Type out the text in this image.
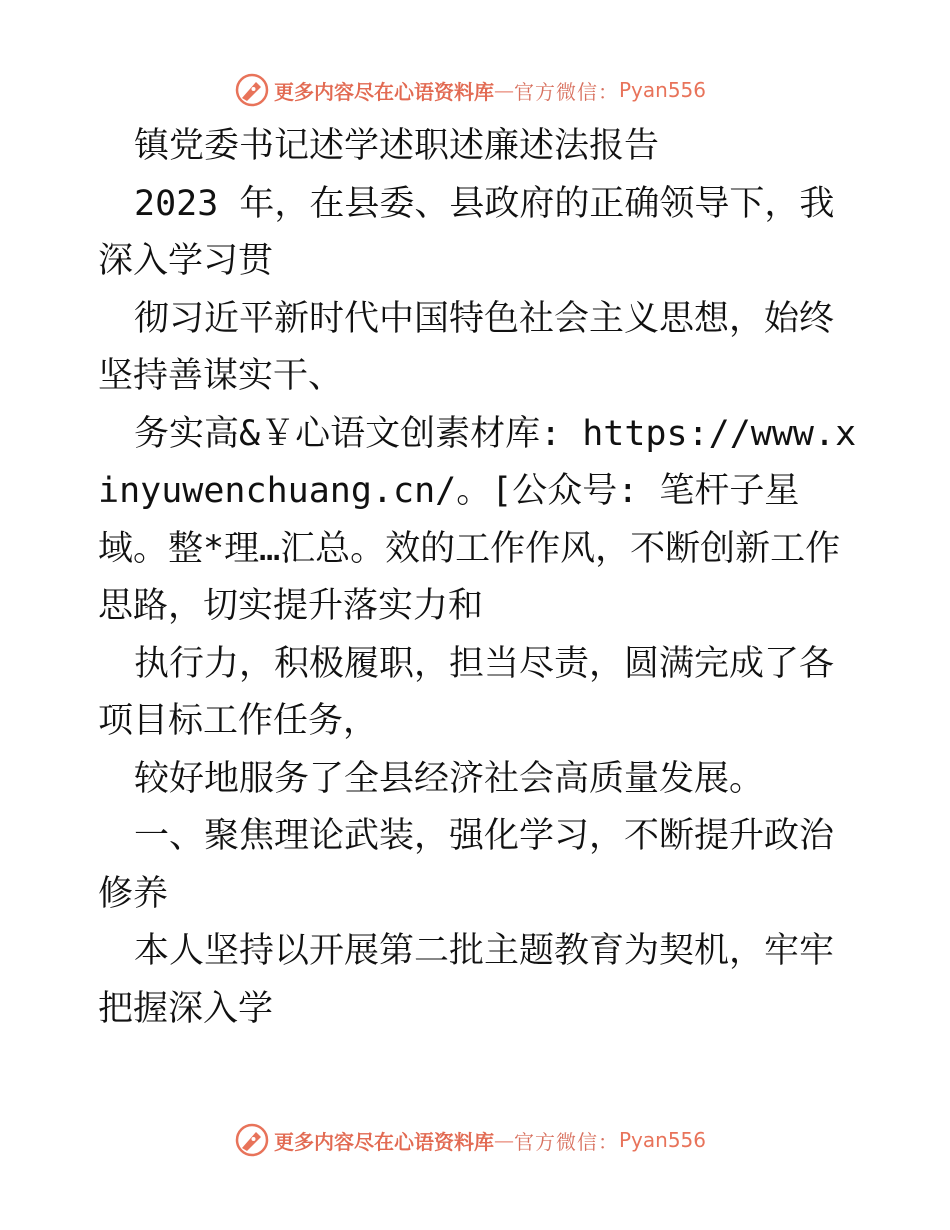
更多内容尽在心语资料库 — 官方微信： Pyan556

镇党委书记述学述职述廉述法报告

2023 年，在县委、县政府的正确领导下，我深入学习贯

彻习近平新时代中国特色社会主义思想，始终坚持善谋实干、

务实高&￥心语文创素材库: https://www.xinyuwenchuang.cn/。[公众号: 笔杆子星域。整*理…汇总。效的工作作风，不断创新工作思路，切实提升落实力和

执行力，积极履职，担当尽责，圆满完成了各项目标工作任务，

较好地服务了全县经济社会高质量发展。

一、聚焦理论武装，强化学习，不断提升政治修养

本人坚持以开展第二批主题教育为契机，牢牢把握深入学

更多内容尽在心语资料库 — 官方微信： Pyan556
